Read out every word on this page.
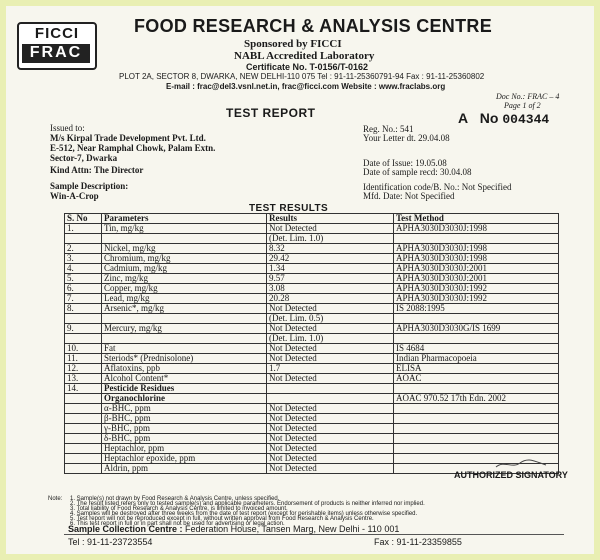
FICCI
FRAC
FOOD RESEARCH & ANALYSIS CENTRE
Sponsored by FICCI
NABL Accredited Laboratory
Certificate No. T-0156/T-0162
PLOT 2A, SECTOR 8, DWARKA, NEW DELHI-110 075 Tel : 91-11-25360791-94 Fax : 91-11-25360802
E-mail : frac@del3.vsnl.net.in, frac@ficci.com Website : www.fraclabs.org
Doc No.: FRAC – 4
Page 1 of 2
TEST REPORT	A No 004344
Issued to:
M/s Kirpal Trade Development Pvt. Ltd.
E-512, Near Ramphal Chowk, Palam Extn.
Sector-7, Dwarka
Kind Attn: The Director
Sample Description:
Win-A-Crop
Reg. No.: 541
Your Letter dt. 29.04.08
Date of Issue: 19.05.08
Date of sample recd: 30.04.08
Identification code/B. No.: Not Specified
Mfd. Date: Not Specified
TEST RESULTS
S. No	Parameters	Results	Test Method
1.	Tin, mg/kg	Not Detected	APHA3030D3030J:1998
		(Det. Lim. 1.0)	
2.	Nickel, mg/kg	8.32	APHA3030D3030J:1998
3.	Chromium, mg/kg	29.42	APHA3030D3030J:1998
4.	Cadmium, mg/kg	1.34	APHA3030D3030J:2001
5.	Zinc, mg/kg	9.57	APHA3030D3030J:2001
6.	Copper, mg/kg	3.08	APHA3030D3030J:1992
7.	Lead, mg/kg	20.28	APHA3030D3030J:1992
8.	Arsenic*, mg/kg	Not Detected	IS 2088:1995
		(Det. Lim. 0.5)	
9.	Mercury, mg/kg	Not Detected	APHA3030D3030G/IS 1699
		(Det. Lim. 1.0)	
10.	Fat	Not Detected	IS 4684
11.	Steriods* (Prednisolone)	Not Detected	Indian Pharmacopoeia
12.	Aflatoxins, ppb	1.7	ELISA
13.	Alcohol Content*	Not Detected	AOAC
14.	Pesticide Residues		
	Organochlorine		AOAC 970.52 17th Edn. 2002
	α-BHC, ppm	Not Detected	
	β-BHC, ppm	Not Detected	
	γ-BHC, ppm	Not Detected	
	δ-BHC, ppm	Not Detected	
	Heptachlor, ppm	Not Detected	
	Heptachlor epoxide, ppm	Not Detected	
	Aldrin, ppm	Not Detected	
AUTHORIZED SIGNATORY
Note: 1. Sample(s) not drawn by Food Research & Analysis Centre, unless specified.
2. The result listed refers only to tested sample(s) and applicable parameters. Endorsement of products is neither inferred nor implied.
3. Total liability of Food Research & Analysis Centre, is limited to invoiced amount.
4. Samples will be destroyed after three weeks from the date of test report (except for perishable items) unless otherwise specified.
5. Test report will not be reproduced except in full, without written approval from Food Research & Analysis Centre.
6. This test report in full or in part shall not be used for advertising or legal action.
Sample Collection Centre : Federation House, Tansen Marg, New Delhi - 110 001
Tel : 91-11-23723554	Fax : 91-11-23359855
